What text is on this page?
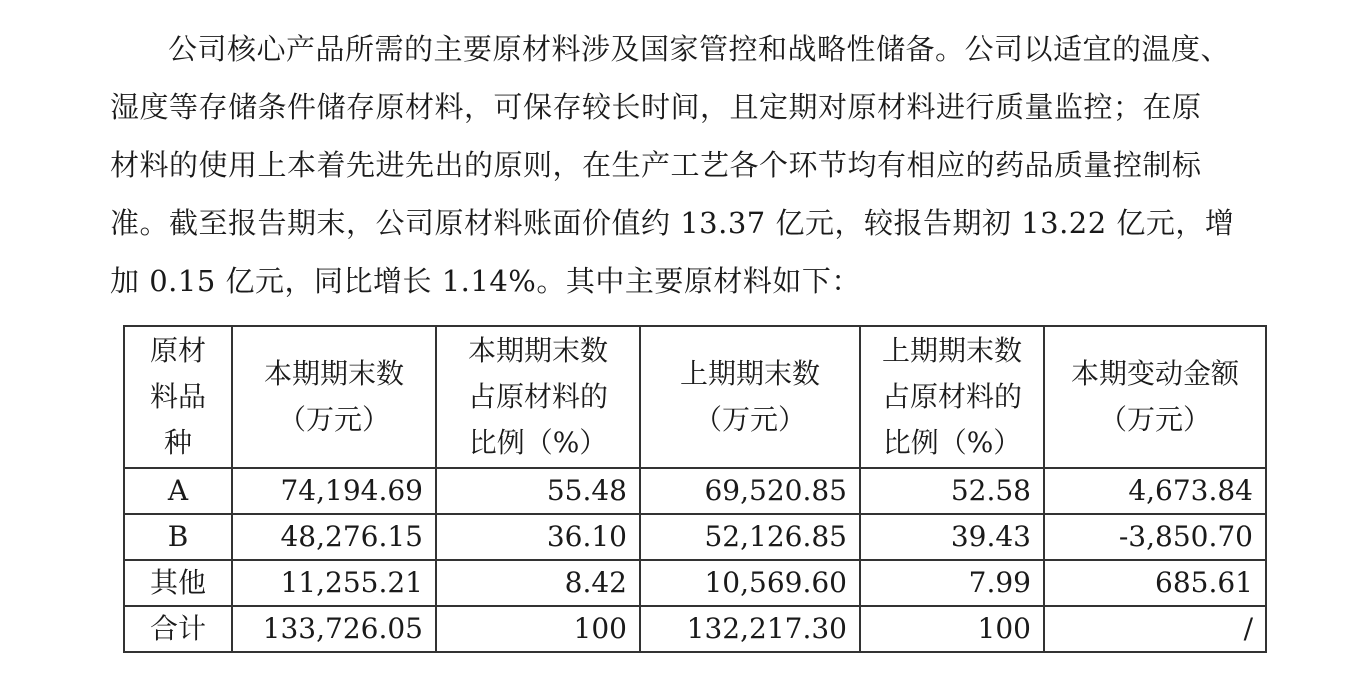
公司核心产品所需的主要原材料涉及国家管控和战略性储备。公司以适宜的温度、
湿度等存储条件储存原材料，可保存较长时间，且定期对原材料进行质量监控；在原
材料的使用上本着先进先出的原则，在生产工艺各个环节均有相应的药品质量控制标
准。截至报告期末，公司原材料账面价值约 13.37 亿元，较报告期初 13.22 亿元，增
加 0.15 亿元，同比增长 1.14%。其中主要原材料如下：
原材
料品
种	本期期末数
（万元）	本期期末数
占原材料的
比例（%）	上期期末数
（万元）	上期期末数
占原材料的
比例（%）	本期变动金额
（万元）
A	74,194.69	55.48	69,520.85	52.58	4,673.84
B	48,276.15	36.10	52,126.85	39.43	-3,850.70
其他	11,255.21	8.42	10,569.60	7.99	685.61
合计	133,726.05	100	132,217.30	100	/
